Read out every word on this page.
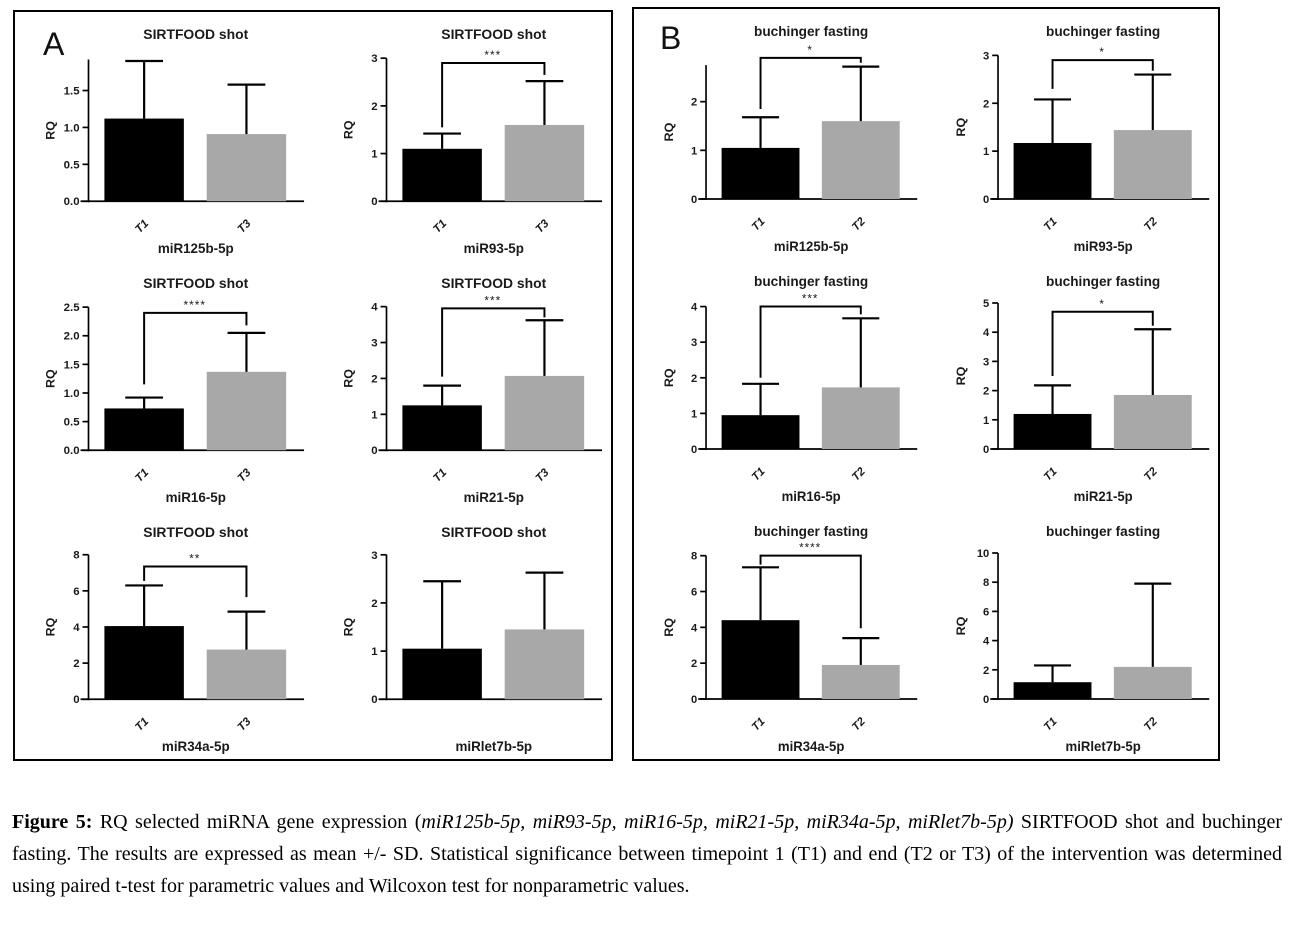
A	B
SIRTFOOD shot
0.0
0.5
1.0
1.5
RQ
T1	T3
miR125b-5p
SIRTFOOD shot
0
1
2
3
RQ
T1	T3
***
miR93-5p
SIRTFOOD shot
0.0
0.5
1.0
1.5
2.0
2.5
RQ
T1	T3
****
miR16-5p
SIRTFOOD shot
0
1
2
3
4
RQ
T1	T3
***
miR21-5p
SIRTFOOD shot
0
2
4
6
8
RQ
T1	T3
**
miR34a-5p
SIRTFOOD shot
0
1
2
3
RQ
miRlet7b-5p
buchinger fasting
0
1
2
RQ
T1	T2
*
miR125b-5p
buchinger fasting
0
1
2
3
RQ
T1	T2
*
miR93-5p
buchinger fasting
0
1
2
3
4
RQ
T1	T2
***
miR16-5p
buchinger fasting
0
1
2
3
4
5
RQ
T1	T2
*
miR21-5p
buchinger fasting
0
2
4
6
8
RQ
T1	T2
****
miR34a-5p
buchinger fasting
0
2
4
6
8
10
RQ
T1	T2
miRlet7b-5p

Figure 5: RQ selected miRNA gene expression (miR125b-5p, miR93-5p, miR16-5p, miR21-5p, miR34a-5p, miRlet7b-5p) SIRTFOOD shot and buchinger fasting. The results are expressed as mean +/- SD. Statistical significance between timepoint 1 (T1) and end (T2 or T3) of the intervention was determined using paired t-test for parametric values and Wilcoxon test for nonparametric values.
